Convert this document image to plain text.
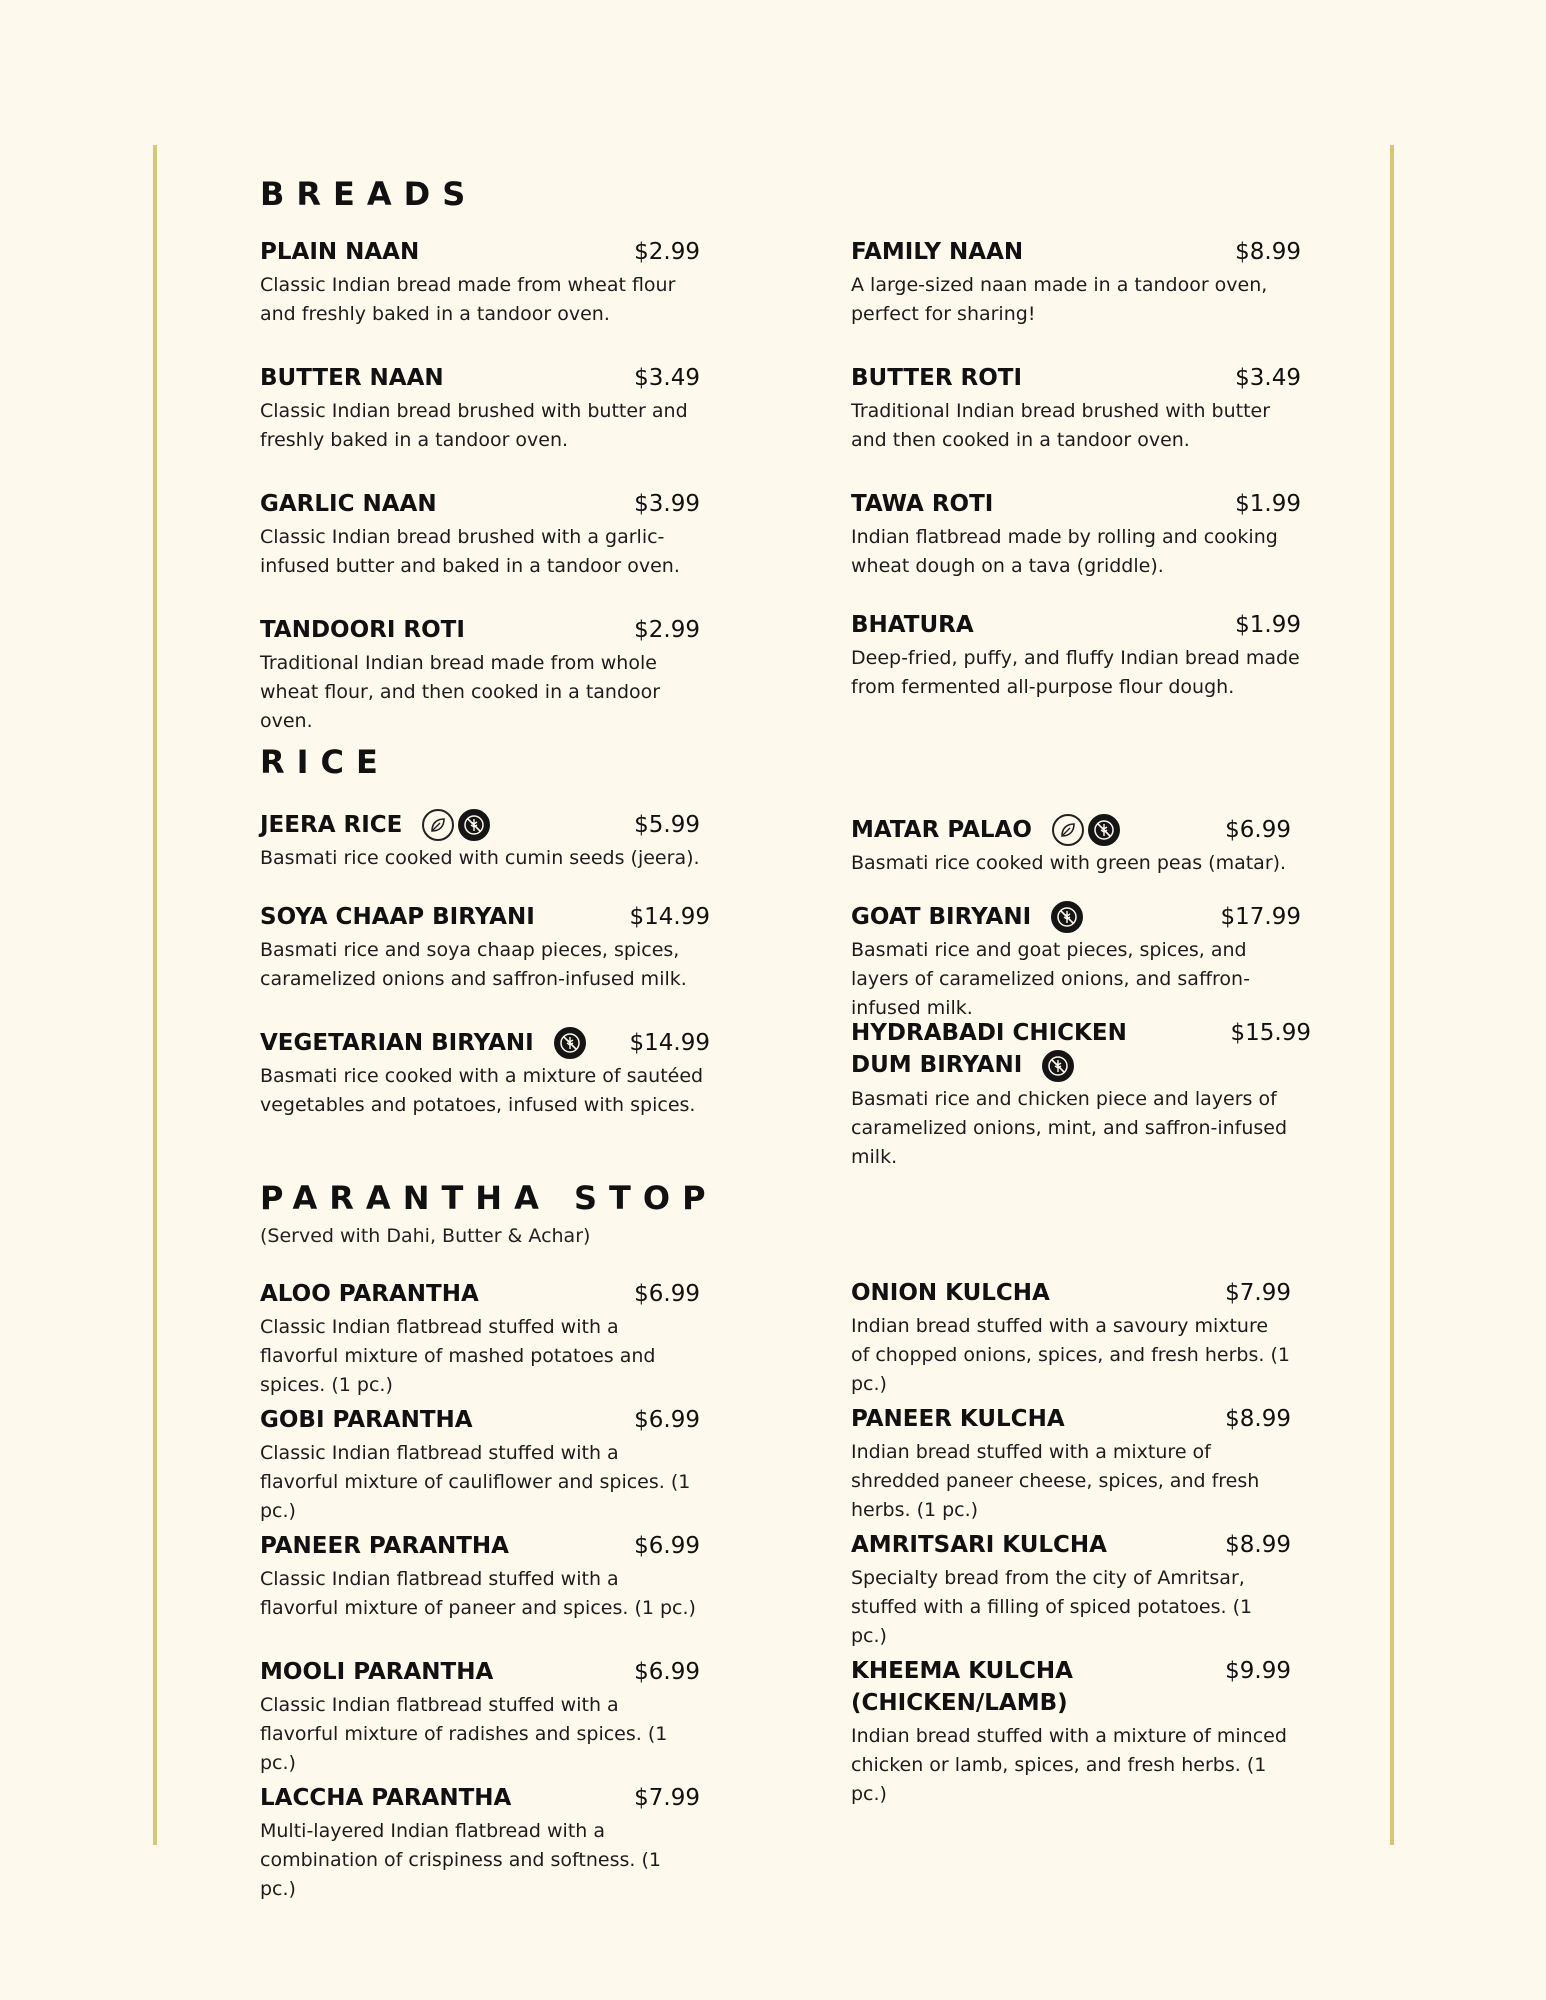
BREADS
PLAIN NAAN	$2.99
Classic Indian bread made from wheat flour and freshly baked in a tandoor oven.
BUTTER NAAN	$3.49
Classic Indian bread brushed with butter and freshly baked in a tandoor oven.
GARLIC NAAN	$3.99
Classic Indian bread brushed with a garlic-infused butter and baked in a tandoor oven.
TANDOORI ROTI	$2.99
Traditional Indian bread made from whole wheat flour, and then cooked in a tandoor oven.
FAMILY NAAN	$8.99
A large-sized naan made in a tandoor oven, perfect for sharing!
BUTTER ROTI	$3.49
Traditional Indian bread brushed with butter and then cooked in a tandoor oven.
TAWA ROTI	$1.99
Indian flatbread made by rolling and cooking wheat dough on a tava (griddle).
BHATURA	$1.99
Deep-fried, puffy, and fluffy Indian bread made from fermented all-purpose flour dough.
RICE
JEERA RICE	$5.99
Basmati rice cooked with cumin seeds (jeera).
SOYA CHAAP BIRYANI	$14.99
Basmati rice and soya chaap pieces, spices, caramelized onions and saffron-infused milk.
VEGETARIAN BIRYANI	$14.99
Basmati rice cooked with a mixture of sautéed vegetables and potatoes, infused with spices.
MATAR PALAO	$6.99
Basmati rice cooked with green peas (matar).
GOAT BIRYANI	$17.99
Basmati rice and goat pieces, spices, and layers of caramelized onions, and saffron-infused milk.
HYDRABADI CHICKEN DUM BIRYANI
$15.99
Basmati rice and chicken piece and layers of caramelized onions, mint, and saffron-infused milk.
PARANTHA STOP
(Served with Dahi, Butter & Achar)
ALOO PARANTHA	$6.99
Classic Indian flatbread stuffed with a flavorful mixture of mashed potatoes and spices. (1 pc.)
GOBI PARANTHA	$6.99
Classic Indian flatbread stuffed with a flavorful mixture of cauliflower and spices. (1 pc.)
PANEER PARANTHA	$6.99
Classic Indian flatbread stuffed with a flavorful mixture of paneer and spices. (1 pc.)
MOOLI PARANTHA	$6.99
Classic Indian flatbread stuffed with a flavorful mixture of radishes and spices. (1 pc.)
LACCHA PARANTHA	$7.99
Multi-layered Indian flatbread with a combination of crispiness and softness. (1 pc.)
ONION KULCHA	$7.99
Indian bread stuffed with a savoury mixture of chopped onions, spices, and fresh herbs. (1 pc.)
PANEER KULCHA	$8.99
Indian bread stuffed with a mixture of shredded paneer cheese, spices, and fresh herbs. (1 pc.)
AMRITSARI KULCHA	$8.99
Specialty bread from the city of Amritsar, stuffed with a filling of spiced potatoes. (1 pc.)
KHEEMA KULCHA (CHICKEN/LAMB)
$9.99
Indian bread stuffed with a mixture of minced chicken or lamb, spices, and fresh herbs. (1 pc.)
